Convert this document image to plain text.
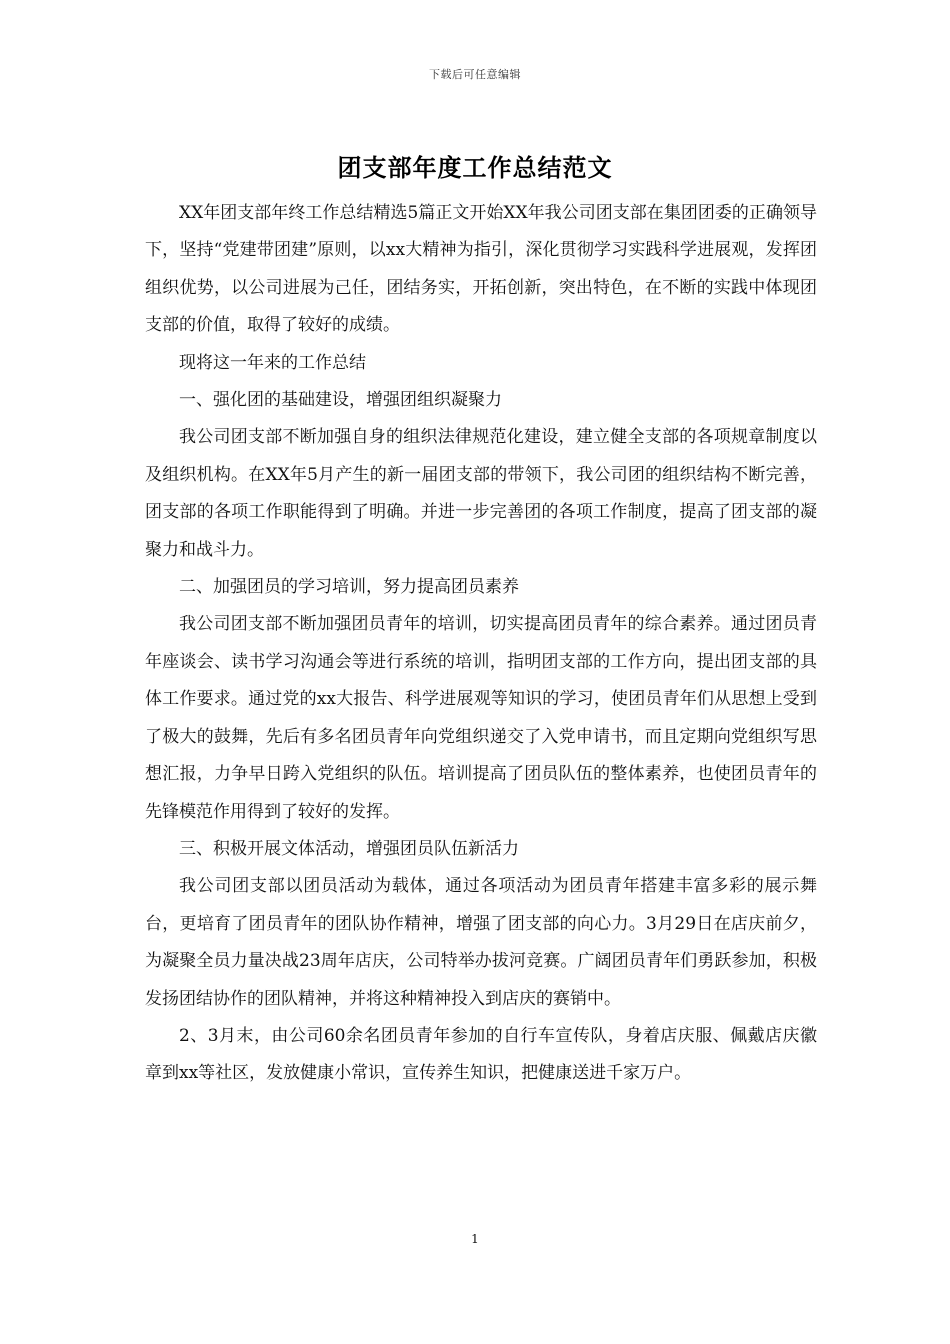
下载后可任意编辑
团支部年度工作总结范文

XX年团支部年终工作总结精选5篇正文开始XX年我公司团支部在集团团委的正确领导下，坚持“党建带团建”原则，以xx大精神为指引，深化贯彻学习实践科学进展观，发挥团组织优势，以公司进展为己任，团结务实，开拓创新，突出特色，在不断的实践中体现团支部的价值，取得了较好的成绩。

现将这一年来的工作总结

一、强化团的基础建设，增强团组织凝聚力

我公司团支部不断加强自身的组织法律规范化建设，建立健全支部的各项规章制度以及组织机构。在XX年5月产生的新一届团支部的带领下，我公司团的组织结构不断完善，团支部的各项工作职能得到了明确。并进一步完善团的各项工作制度，提高了团支部的凝聚力和战斗力。

二、加强团员的学习培训，努力提高团员素养

我公司团支部不断加强团员青年的培训，切实提高团员青年的综合素养。通过团员青年座谈会、读书学习沟通会等进行系统的培训，指明团支部的工作方向，提出团支部的具体工作要求。通过党的xx大报告、科学进展观等知识的学习，使团员青年们从思想上受到了极大的鼓舞，先后有多名团员青年向党组织递交了入党申请书，而且定期向党组织写思想汇报，力争早日跨入党组织的队伍。培训提高了团员队伍的整体素养，也使团员青年的先锋模范作用得到了较好的发挥。

三、积极开展文体活动，增强团员队伍新活力

我公司团支部以团员活动为载体，通过各项活动为团员青年搭建丰富多彩的展示舞台，更培育了团员青年的团队协作精神，增强了团支部的向心力。3月29日在店庆前夕，为凝聚全员力量决战23周年店庆，公司特举办拔河竞赛。广阔团员青年们勇跃参加，积极发扬团结协作的团队精神，并将这种精神投入到店庆的赛销中。

2、3月末，由公司60余名团员青年参加的自行车宣传队，身着店庆服、佩戴店庆徽章到xx等社区，发放健康小常识，宣传养生知识，把健康送进千家万户。

1
